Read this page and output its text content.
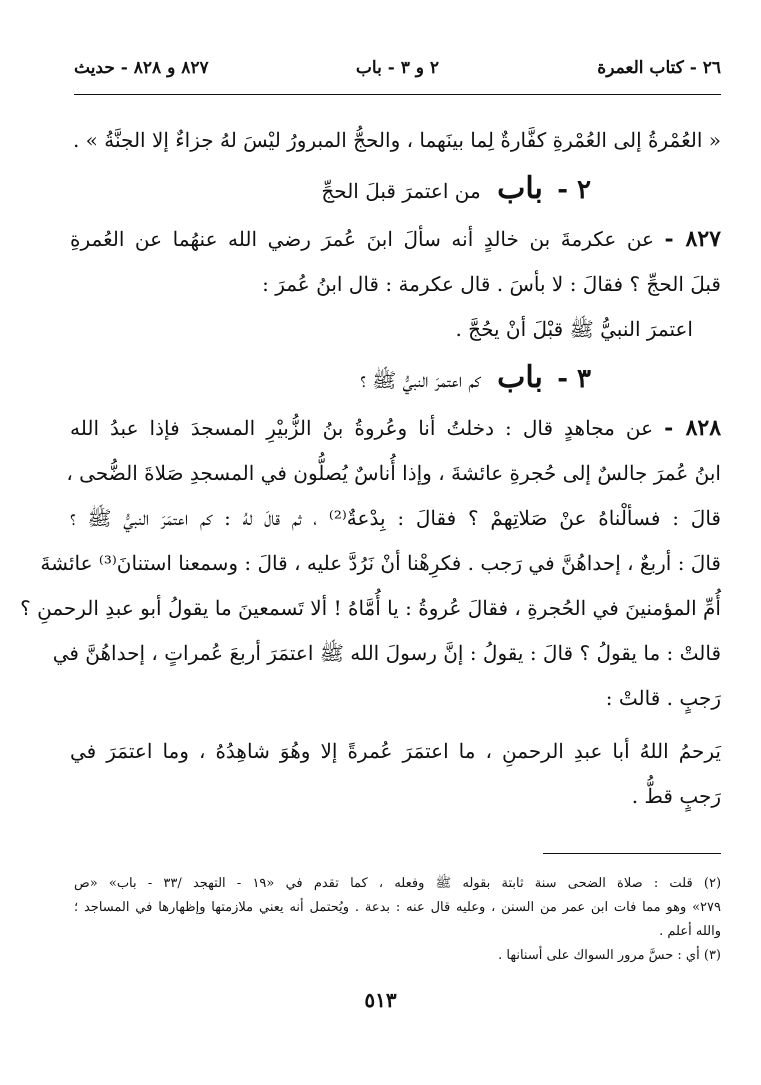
٢٦ - كتاب العمرة
٢ و ٣ - باب
٨٢٧ و ٨٢٨ - حديث
« العُمْرةُ إلى العُمْرةِ كفَّارةٌ لِما بينَهما ، والحجُّ المبرورُ ليْسَ لهُ جزاءٌ إلا الجنَّةُ » .
٢ - باب من اعتمرَ قبلَ الحجِّ
٨٢٧ - عن عكرمةَ بن خالدٍ أنه سألَ ابنَ عُمرَ رضي الله عنهُما عن العُمرةِ
قبلَ الحجِّ ؟ فقالَ : لا بأسَ . قال عكرمة : قال ابنُ عُمرَ :
اعتمرَ النبيُّ ﷺ قبْلَ أنْ يحُجَّ .
٣ - باب كم اعتمرَ النبيُّ ﷺ ؟
٨٢٨ - عن مجاهدٍ قال : دخلتُ أنا وعُروةُ بنُ الزُّبيْرِ المسجدَ فإذا عبدُ الله
ابنُ عُمرَ جالسٌ إلى حُجرةِ عائشةَ ، وإذا أُناسٌ يُصلُّون في المسجدِ صَلاةَ الضُّحى ،
قالَ : فسألْناهُ عنْ صَلاتِهمْ ؟ فقالَ : بِدْعةٌ⁽²⁾ ، ثم قالَ لهُ : كم اعتمَرَ النبيُّ ﷺ ؟
قالَ : أربعٌ ، إحداهُنَّ في رَجب . فكرِهْنا أنْ نَرُدَّ عليه ، قالَ : وسمعنا استنانَ⁽³⁾ عائشةَ
أُمِّ المؤمنينَ في الحُجرةِ ، فقالَ عُروةُ : يا أُمَّاهُ ! ألا تَسمعينَ ما يقولُ أبو عبدِ الرحمنِ ؟
قالتْ : ما يقولُ ؟ قالَ : يقولُ : إنَّ رسولَ الله ﷺ اعتمَرَ أربعَ عُمراتٍ ، إحداهُنَّ في
رَجبٍ . قالتْ :
يَرحمُ اللهُ أبا عبدِ الرحمنِ ، ما اعتمَرَ عُمرةً إلا وهُوَ شاهِدُهُ ، وما اعتمَرَ في
رَجبٍ قطُّ .
(٢) قلت : صلاة الضحى سنة ثابتة بقوله ﷺ وفعله ، كما تقدم في «١٩ - التهجد /٣٣ - باب» «ص
٢٧٩» وهو مما فات ابن عمر من السنن ، وعليه قال عنه : بدعة . ويُحتمل أنه يعني ملازمتها وإظهارها في المساجد ؛
والله أعلم .
(٣) أي : حسَّ مرور السواك على أسنانها .
٥١٣
